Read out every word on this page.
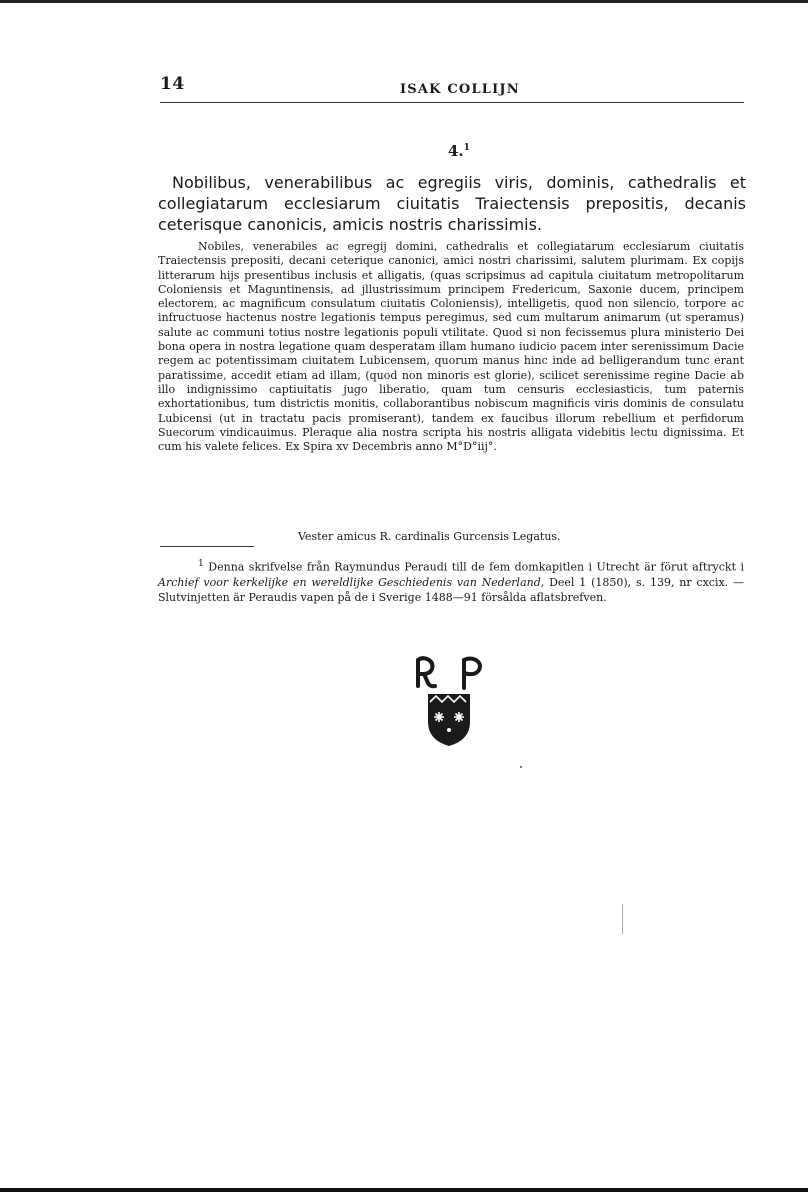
14	ISAK COLLIJN
4.$^1$
Nobilibus, venerabilibus ac egregiis viris, dominis, cathedralis et collegiatarum ecclesiarum ciuitatis Traiectensis prepositis, decanis ceterisque canonicis, amicis nostris charissimis.
Nobiles, venerabiles ac egregij domini, cathedralis et collegiatarum ecclesiarum ciuitatis Traiectensis prepositi, decani ceterique canonici, amici nostri charissimi, salutem plurimam. Ex copijs litterarum hijs presentibus inclusis et alligatis, (quas scripsimus ad capitula ciuitatum metropolitarum Coloniensis et Maguntinensis, ad jllustrissimum principem Fredericum, Saxonie ducem, principem electorem, ac magnificum consulatum ciuitatis Coloniensis), intelligetis, quod non silencio, torpore ac infructuose hactenus nostre legationis tempus peregimus, sed cum multarum animarum (ut speramus) salute ac communi totius nostre legationis populi vtilitate. Quod si non fecissemus plura ministerio Dei bona opera in nostra legatione quam desperatam illam humano iudicio pacem inter serenissimum Dacie regem ac potentissimam ciuitatem Lubicensem, quorum manus hinc inde ad belligerandum tunc erant paratissime, accedit etiam ad illam, (quod non minoris est glorie), scilicet serenissime regine Dacie ab illo indignissimo captiuitatis jugo liberatio, quam tum censuris ecclesiasticis, tum paternis exhortationibus, tum districtis monitis, collaborantibus nobiscum magnificis viris dominis de consulatu Lubicensi (ut in tractatu pacis promiserant), tandem ex faucibus illorum rebellium et perfidorum Suecorum vindicauimus. Pleraque alia nostra scripta his nostris alligata videbitis lectu dignissima. Et cum his valete felices. Ex Spira xv Decembris anno M°D°iij°.
Vester amicus R. cardinalis Gurcensis Legatus.
$^1$ Denna skrifvelse från Raymundus Peraudi till de fem domkapitlen i Utrecht är förut aftryckt i Archief voor kerkelijke en wereldlijke Geschiedenis van Nederland, Deel 1 (1850), s. 139, nr cxcix. — Slutvinjetten är Peraudis vapen på de i Sverige 1488—91 försålda aflatsbrefven.
